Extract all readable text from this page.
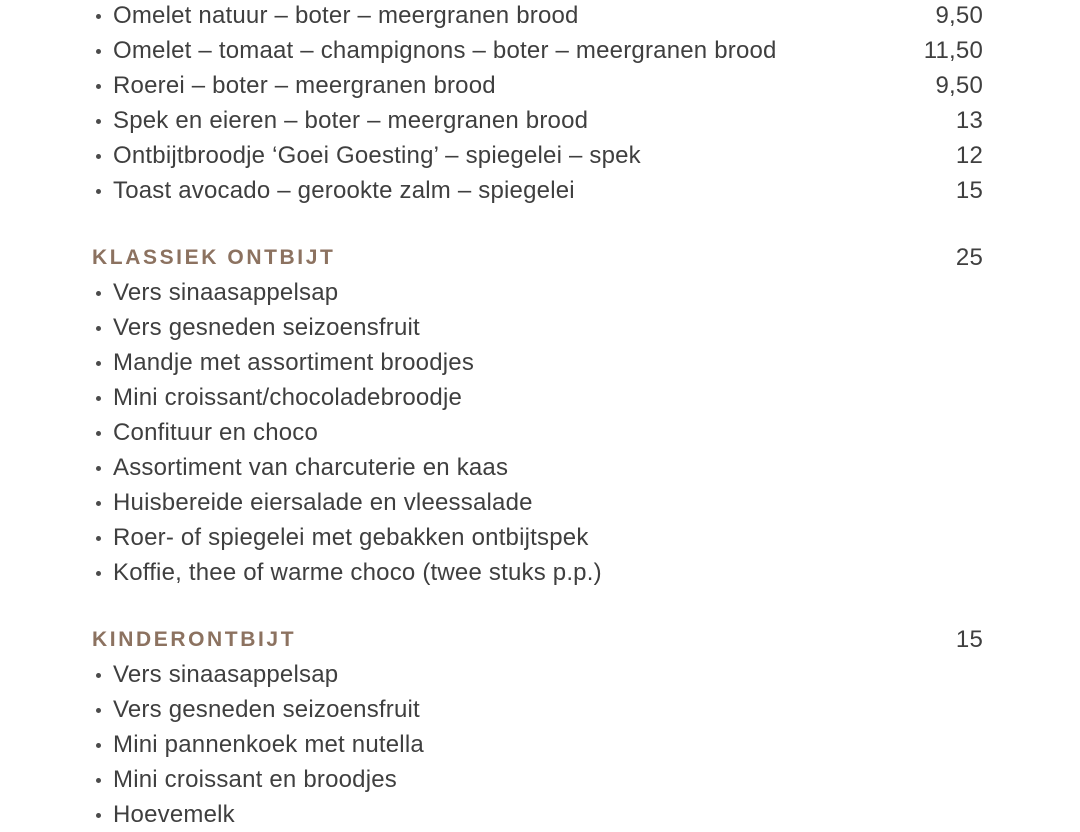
Omelet natuur – boter – meergranen brood	9,50
Omelet – tomaat – champignons – boter – meergranen brood	11,50
Roerei – boter – meergranen brood	9,50
Spek en eieren – boter – meergranen brood	13
Ontbijtbroodje ‘Goei Goesting’ – spiegelei – spek	12
Toast avocado – gerookte zalm – spiegelei	15
KLASSIEK ONTBIJT	25
Vers sinaasappelsap
Vers gesneden seizoensfruit
Mandje met assortiment broodjes
Mini croissant/chocoladebroodje
Confituur en choco
Assortiment van charcuterie en kaas
Huisbereide eiersalade en vleessalade
Roer- of spiegelei met gebakken ontbijtspek
Koffie, thee of warme choco (twee stuks p.p.)
KINDERONTBIJT	15
Vers sinaasappelsap
Vers gesneden seizoensfruit
Mini pannenkoek met nutella
Mini croissant en broodjes
Hoevemelk
